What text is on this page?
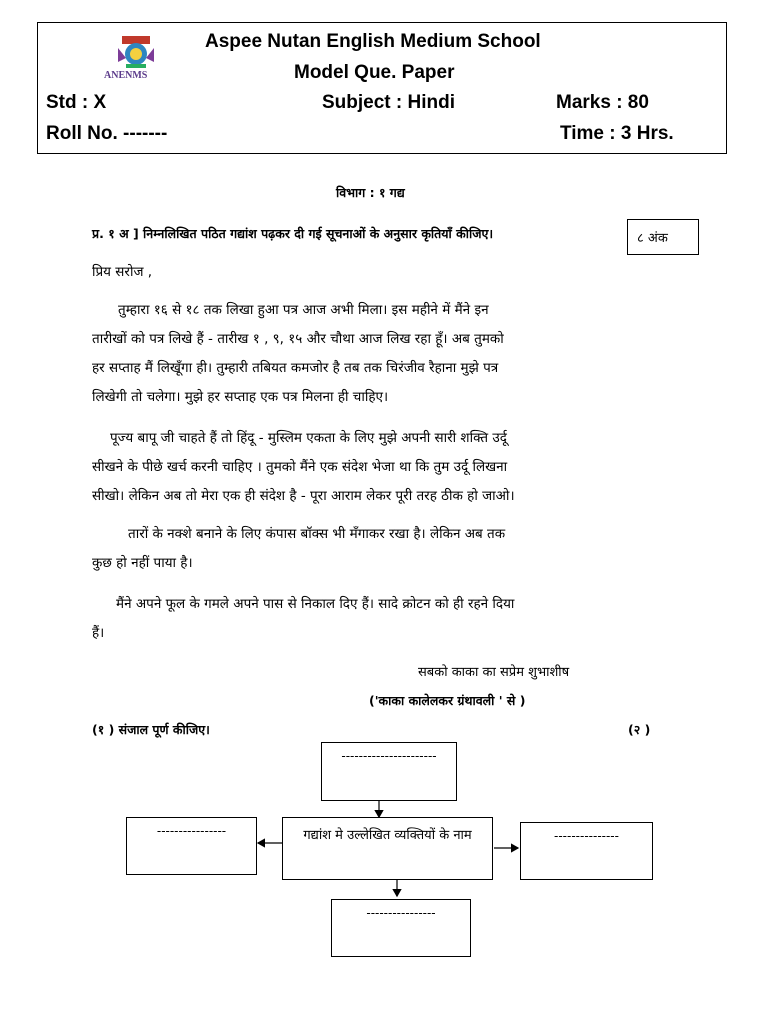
ANENMS
Aspee Nutan English Medium School
Model Que. Paper
Std : X	Subject : Hindi	Marks : 80
Roll No. -------	Time : 3 Hrs.
विभाग : १ गद्य
प्र. १ अ ] निम्नलिखित पठित गद्यांश पढ़कर दी गई सूचनाओं के अनुसार कृतियाँ कीजिए।	८ अंक
प्रिय सरोज ,
तुम्हारा १६ से १८ तक लिखा हुआ पत्र आज अभी मिला। इस महीने में मैंने इन
तारीखों को पत्र लिखे हैं - तारीख १ , ९, १५ और चौथा आज लिख रहा हूँ। अब तुमको
हर सप्ताह मैं लिखूँगा ही। तुम्हारी तबियत कमजोर है तब तक चिरंजीव रैहाना मुझे पत्र
लिखेगी तो चलेगा। मुझे हर सप्ताह एक पत्र मिलना ही चाहिए।
पूज्य बापू जी चाहते हैं तो हिंदू - मुस्लिम एकता के लिए मुझे अपनी सारी शक्ति उर्दू
सीखने के पीछे खर्च करनी चाहिए । तुमको मैंने एक संदेश भेजा था कि तुम उर्दू लिखना
सीखो। लेकिन अब तो मेरा एक ही संदेश है - पूरा आराम लेकर पूरी तरह ठीक हो जाओ।
तारों के नक्शे बनाने के लिए कंपास बॉक्स भी मँगाकर रखा है। लेकिन अब तक
कुछ हो नहीं पाया है।
मैंने अपने फूल के गमले अपने पास से निकाल दिए हैं। सादे क्रोटन को ही रहने दिया
हैं।
सबको काका का सप्रेम शुभाशीष
('काका कालेलकर ग्रंथावली ' से )
(१ ) संजाल पूर्ण कीजिए।	(२ )
----------------------
----------------	गद्यांश मे उल्लेखित व्यक्तियों के नाम	---------------
----------------
